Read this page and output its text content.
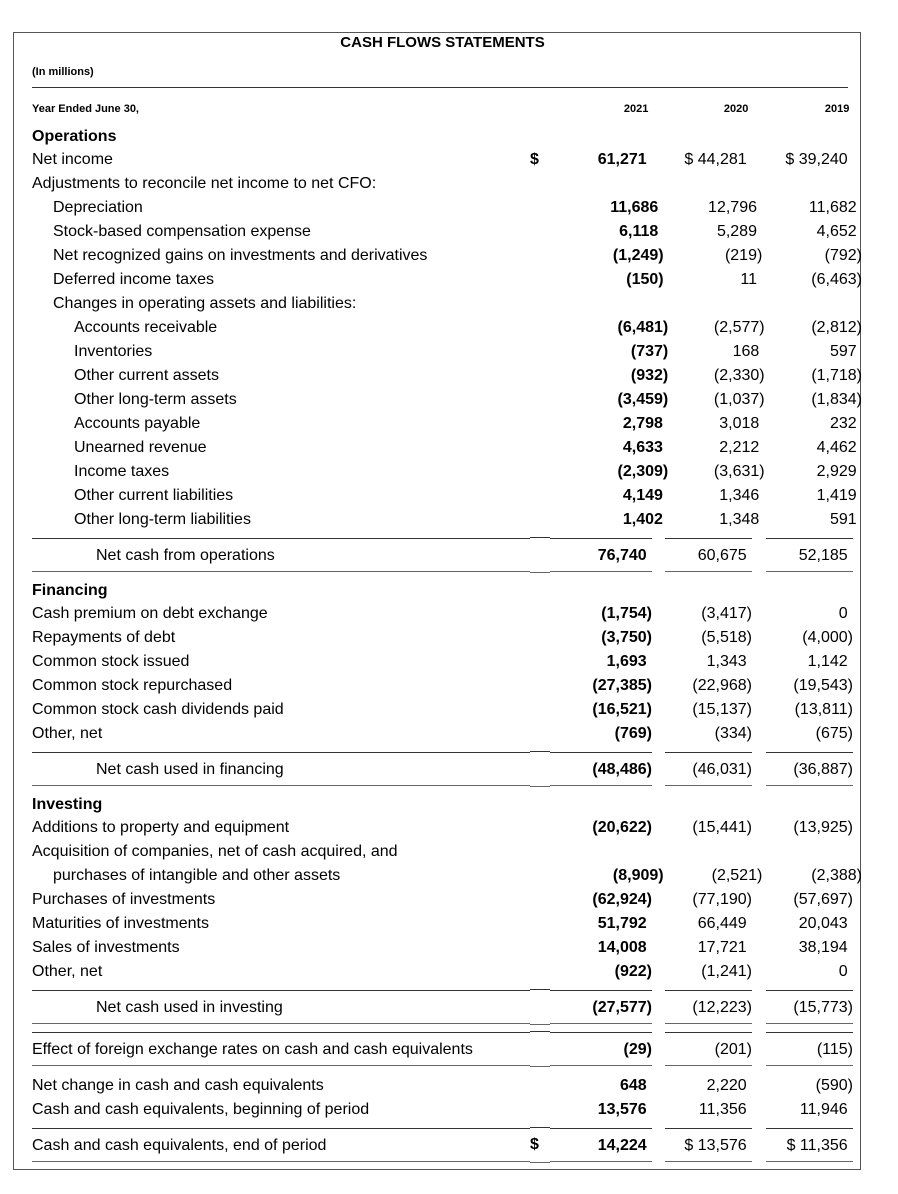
CASH FLOWS STATEMENTS
(In millions)
Year Ended June 30,	2021	2020	2019
Operations
Net income	$	61,271	$ 44,281	$ 39,240
Adjustments to reconcile net income to net CFO:
Depreciation	11,686	12,796	11,682
Stock-based compensation expense	6,118	5,289	4,652
Net recognized gains on investments and derivatives	(1,249)	(219)	(792)
Deferred income taxes	(150)	11	(6,463)
Changes in operating assets and liabilities:
Accounts receivable	(6,481)	(2,577)	(2,812)
Inventories	(737)	168	597
Other current assets	(932)	(2,330)	(1,718)
Other long-term assets	(3,459)	(1,037)	(1,834)
Accounts payable	2,798	3,018	232
Unearned revenue	4,633	2,212	4,462
Income taxes	(2,309)	(3,631)	2,929
Other current liabilities	4,149	1,346	1,419
Other long-term liabilities	1,402	1,348	591
Net cash from operations	76,740	60,675	52,185
Financing
Cash premium on debt exchange	(1,754)	(3,417)	0
Repayments of debt	(3,750)	(5,518)	(4,000)
Common stock issued	1,693	1,343	1,142
Common stock repurchased	(27,385)	(22,968)	(19,543)
Common stock cash dividends paid	(16,521)	(15,137)	(13,811)
Other, net	(769)	(334)	(675)
Net cash used in financing	(48,486)	(46,031)	(36,887)
Investing
Additions to property and equipment	(20,622)	(15,441)	(13,925)
Acquisition of companies, net of cash acquired, and
purchases of intangible and other assets	(8,909)	(2,521)	(2,388)
Purchases of investments	(62,924)	(77,190)	(57,697)
Maturities of investments	51,792	66,449	20,043
Sales of investments	14,008	17,721	38,194
Other, net	(922)	(1,241)	0
Net cash used in investing	(27,577)	(12,223)	(15,773)
Effect of foreign exchange rates on cash and cash equivalents	(29)	(201)	(115)
Net change in cash and cash equivalents	648	2,220	(590)
Cash and cash equivalents, beginning of period	13,576	11,356	11,946
Cash and cash equivalents, end of period	$	14,224	$ 13,576	$ 11,356
